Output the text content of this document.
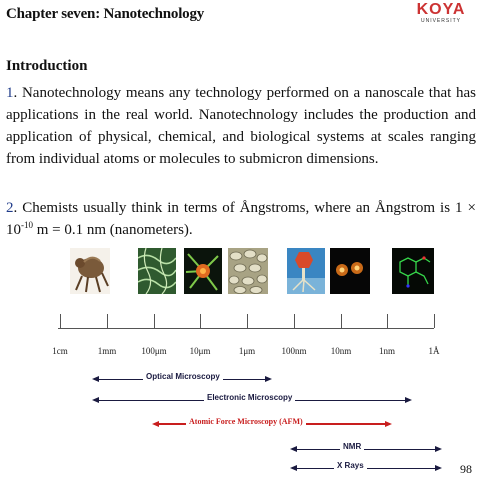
Chapter seven: Nanotechnology	KOYA
UNIVERSITY
Introduction
1. Nanotechnology means any technology performed on a nanoscale that has applications in the real world. Nanotechnology includes the production and application of physical, chemical, and biological systems at scales ranging from individual atoms or molecules to submicron dimensions.
2. Chemists usually think in terms of Ångstroms, where an Ångstrom is $1 \times 10^{-10}$ m = 0.1 nm (nanometers).
1cm	1mm	100μm	10μm	1μm	100nm	10nm	1nm	1Å
Optical Microscopy
Electronic Microscopy
Atomic Force Microscopy (AFM)
NMR
X Rays	98
